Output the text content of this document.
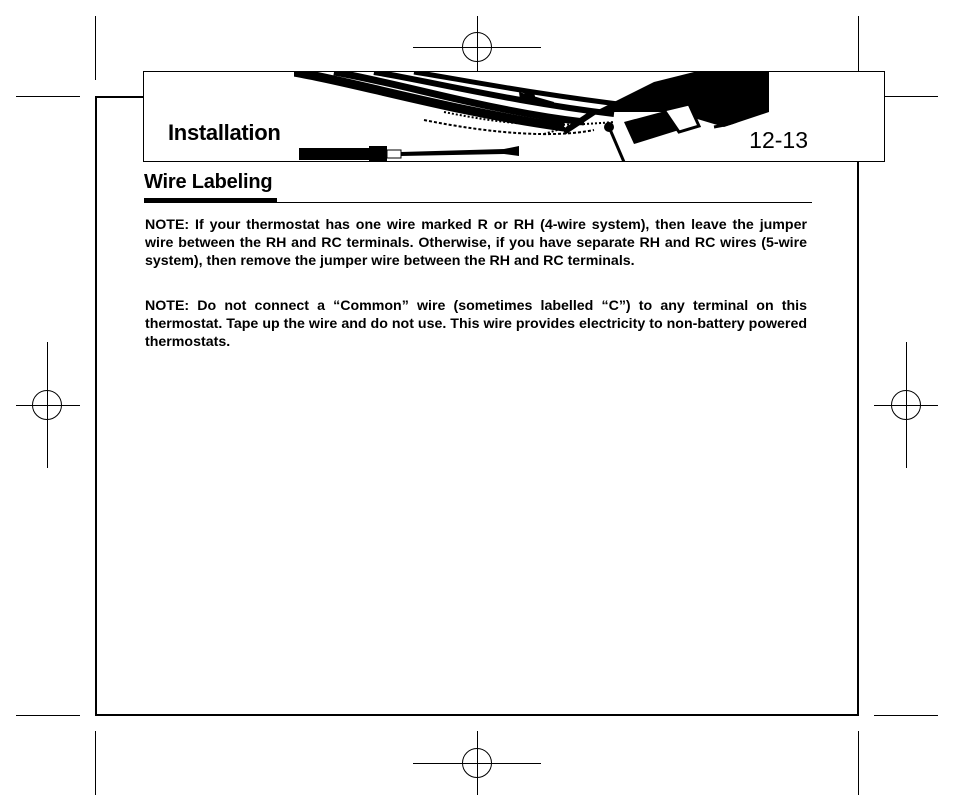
Installation	12-13
Wire Labeling

NOTE: If your thermostat has one wire marked R or RH (4-wire system), then leave the jumper wire between the RH and RC terminals. Otherwise, if you have separate RH and RC wires (5-wire system), then remove the jumper wire between the RH and RC terminals.

NOTE: Do not connect a “Common” wire (sometimes labelled “C”) to any terminal on this thermostat. Tape up the wire and do not use. This wire provides electricity to non-battery powered thermostats.
